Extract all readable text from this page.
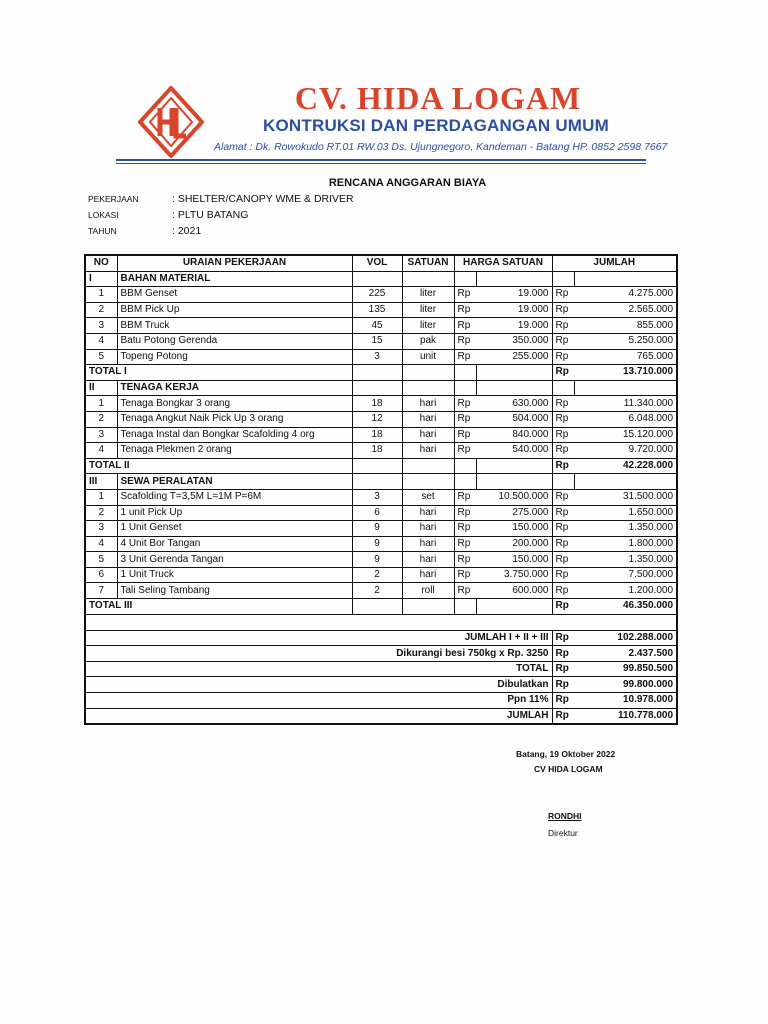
CV. HIDA LOGAM
KONTRUKSI DAN PERDAGANGAN UMUM
Alamat : Dk. Rowokudo RT.01 RW.03 Ds. Ujungnegoro, Kandeman - Batang HP. 0852 2598 7667
RENCANA ANGGARAN BIAYA
PEKERJAAN	: SHELTER/CANOPY WME & DRIVER
LOKASI	: PLTU BATANG
TAHUN	: 2021
NO	URAIAN PEKERJAAN	VOL	SATUAN	HARGA SATUAN		JUMLAH	
I	BAHAN MATERIAL						
1	BBM Genset	225	liter	Rp	19.000	Rp	4.275.000
2	BBM Pick Up	135	liter	Rp	19.000	Rp	2.565.000
3	BBM Truck	45	liter	Rp	19.000	Rp	855.000
4	Batu Potong Gerenda	15	pak	Rp	350.000	Rp	5.250.000
5	Topeng Potong	3	unit	Rp	255.000	Rp	765.000
TOTAL I						Rp	13.710.000
II	TENAGA KERJA						
1	Tenaga Bongkar 3 orang	18	hari	Rp	630.000	Rp	11.340.000
2	Tenaga Angkut Naik Pick Up 3 orang	12	hari	Rp	504.000	Rp	6.048.000
3	Tenaga Instal dan Bongkar Scafolding 4 org	18	hari	Rp	840.000	Rp	15.120.000
4	Tenaga Plekmen 2 orang	18	hari	Rp	540.000	Rp	9.720.000
TOTAL II						Rp	42.228.000
III	SEWA PERALATAN						
1	Scafolding T=3,5M L=1M P=6M	3	set	Rp	10.500.000	Rp	31.500.000
2	1 unit Pick Up	6	hari	Rp	275.000	Rp	1.650.000
3	1 Unit Genset	9	hari	Rp	150.000	Rp	1.350.000
4	4 Unit Bor Tangan	9	hari	Rp	200.000	Rp	1.800.000
5	3 Unit Gerenda Tangan	9	hari	Rp	150.000	Rp	1.350.000
6	1 Unit Truck	2	hari	Rp	3.750.000	Rp	7.500.000
7	Tali Seling Tambang	2	roll	Rp	600.000	Rp	1.200.000
TOTAL III						Rp	46.350.000

JUMLAH I + II + III						Rp	102.288.000
Dikurangi besi 750kg x Rp. 3250						Rp	2.437.500
TOTAL						Rp	99.850.500
Dibulatkan						Rp	99.800.000
Ppn 11%						Rp	10.978.000
JUMLAH						Rp	110.778.000
Batang, 19 Oktober 2022
CV HIDA LOGAM
RONDHI
Direktur
